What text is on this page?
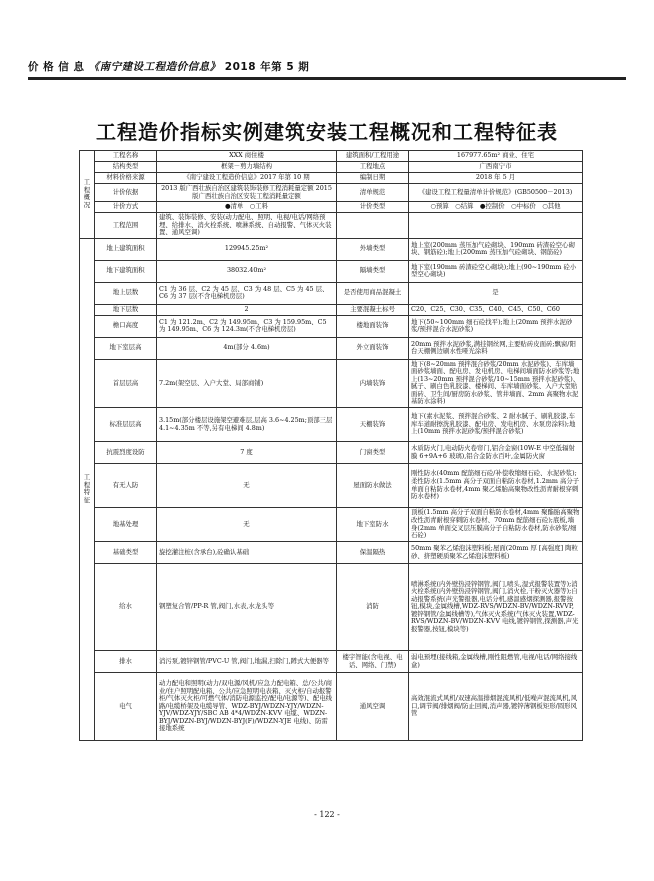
价 格 信 息 《南宁建设工程造价信息》 2018 年第 5 期
工程造价指标实例建筑安装工程概况和工程特征表
工
程
概
况	工程名称	XXX 商住楼	建筑面积/工程用途	167977.65m² 商业、住宅
	结构类型	框架－剪力墙结构	工程地点	广西南宁市
	材料价格来源	《南宁建设工程造价信息》2017 年第 10 期	编制日期	2018 年 5 月
	计价依据	2013 版广西壮族自治区建筑装饰装修工程消耗量定额 2015 版广西壮族自治区安装工程消耗量定额	清单规范	《建设工程工程量清单计价规范》(GB50500－2013)
	计价方式	●清单　○工料	计价类型	○预算　○结算　●控制价　○中标价　○其他
	工程范围	建筑、装饰装修、安装(动力配电、照明、电视/电话/网络预埋、给排水、消火栓系统、喷淋系统、自动报警、气体灭火装置、通风空调)		
工
程
特
征	地上建筑面积	129945.25m²	外墙类型	地上室(200mm 蒸压加气砼砌块、190mm 砖渣砼空心砌块、钢筋砼);地上(200mm 蒸压加气砼砌块、钢筋砼)
	地下建筑面积	38032.40m²	隔墙类型	地下室(190mm 砖渣砼空心砌块);地上(90~190mm 砼小型空心砌块)
	地上层数	C1 为 36 层、C2 为 45 层、C3 为 48 层、C5 为 45 层、C6 为 37 层(不含电梯机房层)	是否使用商品混凝土	是
	地下层数	2	主要混凝土标号	C20、C25、C30、C35、C40、C45、C50、C60
	檐口高度	C1 为 121.2m、C2 为 149.95m、C3 为 159.95m、C5 为 149.95m、C6 为 124.3m(不含电梯机房层)	楼地面装饰	地下(50~100mm 细石砼找平);地上(20mm 预拌水泥砂浆/预拌混合水泥砂浆)
	地下室层高	4m(部分 4.6m)	外立面装饰	20mm 预拌水泥砂浆,满挂钢丝网,主要贴砖皮面砖;飘窗/阳台天棚侧边刷水性哑光涂料
	首层层高	7.2m(架空层、入户大堂、局部商铺)	内墙装饰	地下(8~20mm 预拌混合砂浆/20mm 水泥砂浆)、车库墙面砂浆墙面、配电房、发电机房、电梯间墙面防水砂浆等;地上(13~20mm 预拌混合砂浆/10~15mm 预拌水泥砂浆)、腻子、刷白色乳胶漆、楼梯间、车库墙面砂浆、入户大堂贴面砖、卫生间/厨房防水砂浆、管井墙面、2mm 高聚物水泥基防水涂料)
	标准层层高	3.15m(部分楼层设施架空避难层,层高 3.6~4.25m;顶部三层 4.1~4.35m 不等,另有电梯间 4.8m)	天棚装饰	地下(素水泥浆、预拌混合砂浆、2 耐水腻子、刷乳胶漆,车库车道耐擦洗乳胶漆、配电房、发电机房、水泵房涂料);地上(10mm 预拌水泥砂浆/预拌混合砂浆)
	抗震烈度设防	7 度	门窗类型	木质防火门,电动防火卷帘门,铝合金窗(10W-E 中空低辐射膜 6+9A+6 玻璃),铝合金防水百叶,金属防火窗
	有无人防	无	屋面防水做法	刚性防水(40mm 配筋细石砼/补偿收缩细石砼、水泥砂浆);柔性防水(1.5mm 高分子双面自粘防水卷材,1.2mm 高分子单面自粘防水卷材,4mm 聚乙烯胎高聚物改性沥青耐根穿刺防水卷材)
	地基处理	无	地下室防水	顶板(1.5mm 高分子双面自粘防水卷材,4mm 聚酯胎高聚物改性沥青耐根穿刺防水卷材、70mm 配筋细石砼);底板,墙身(2mm 单面交叉层压膜高分子自粘防水卷材,防水砂浆/细石砼)
	基础类型	旋挖灌注桩(含承台),砼确认基础	保温隔热	50mm 聚苯乙烯泡沫塑料板;屋面(20mm 厚 [高强度] 陶粒砂、挤塑硬质聚苯乙烯泡沫塑料板)
	给水	钢塑复合管/PP-R 管,阀门,水表,水龙头等	消防	喷淋系统(内外壁热浸锌钢管,阀门,喷头,湿式报警装置等);消火栓系统(内外壁热浸锌钢管,阀门,消火栓,干粉灭火器等);自动报警系统(声光警报器,电话分机,感温感烟探测器,报警按钮,模块,金属线槽,WDZ-RVS/WDZN-BV/WDZN-RVVP,镀锌钢管/金属线槽等),气体灭火系统(气体灭火装置,WDZ-RVS/WDZN-BV/WDZN-KVV 电线,镀锌钢管,探测器,声光报警器,按钮,模块等)
	排水	消污泵,镀锌钢管/PVC-U 管,阀门,地漏,扫除门,蹲式大便器等	楼宇智能(含电视、电话、网络、门禁)	弱电预埋(接线箱,金属线槽,刚性阻燃管,电视/电话/网络接线盒)
	电气	动力配电和照明(动力/双电源/风机/应急力配电箱、总/公共/商业/住户照明配电箱、公共/应急照明电表箱、灭火柜/自动报警柜/气体灭火柜/可燃气体/消防电源监控/配电/电源等)、配电线路/电缆桥架及电缆导管、WDZ-BYJ/WDZN-YJY/WDZN-YJV/WDZ-YJY/SBC AB 4*4/WDZN-KVV 电缆、WDZN-BYJ/WDZN-BYJ/WDZN-BYJ(F)/WDZN-YJE 电线)、防雷接地系统	通风空调	高效混流式风机/双速高温排烟混流风机/低噪声混流风机,风口,调节阀/排烟阀/防止回阀,消声器,镀锌薄钢板矩形/圆形风管
- 122 -
